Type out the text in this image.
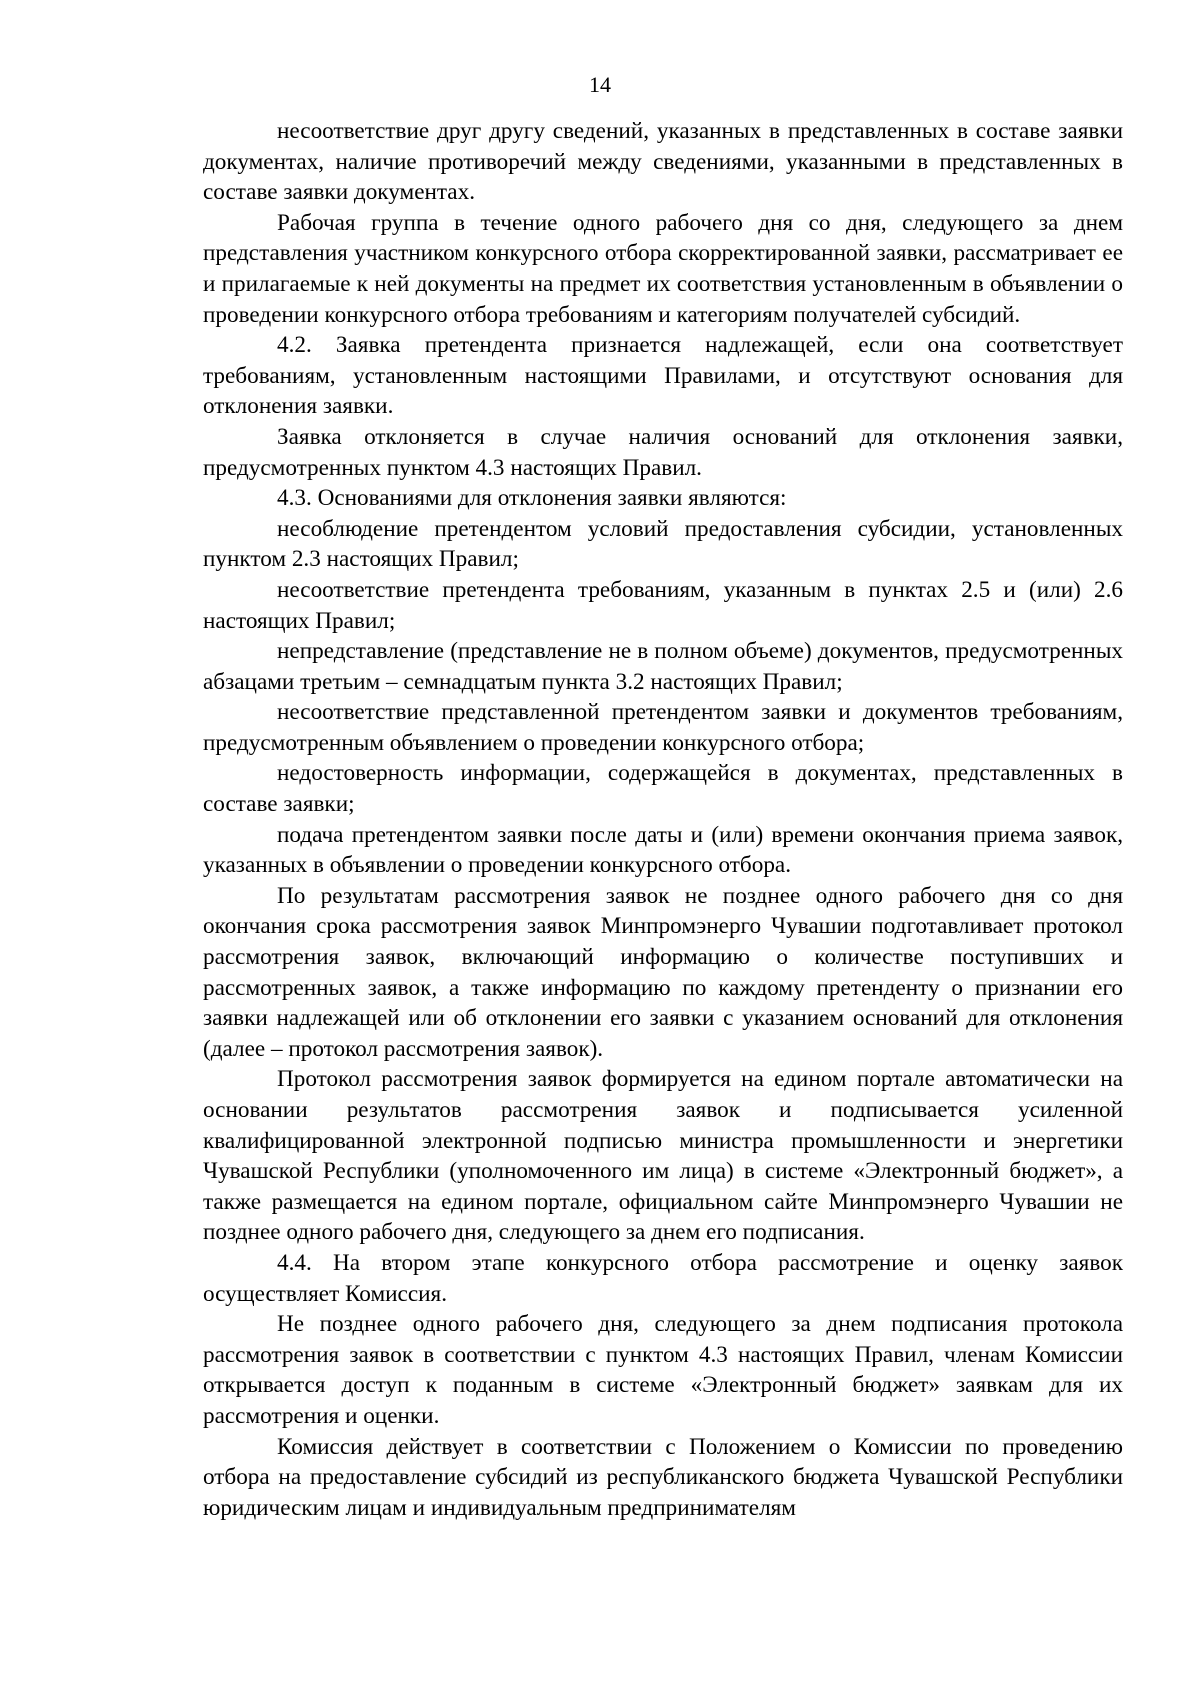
14

несоответствие друг другу сведений, указанных в представленных в составе заявки документах, наличие противоречий между сведениями, указанными в представленных в составе заявки документах.

Рабочая группа в течение одного рабочего дня со дня, следующего за днем представления участником конкурсного отбора скорректированной заявки, рассматривает ее и прилагаемые к ней документы на предмет их соответствия установленным в объявлении о проведении конкурсного отбора требованиям и категориям получателей субсидий.

4.2. Заявка претендента признается надлежащей, если она соответствует требованиям, установленным настоящими Правилами, и отсутствуют основания для отклонения заявки.

Заявка отклоняется в случае наличия оснований для отклонения заявки, предусмотренных пунктом 4.3 настоящих Правил.

4.3. Основаниями для отклонения заявки являются:

несоблюдение претендентом условий предоставления субсидии, установленных пунктом 2.3 настоящих Правил;

несоответствие претендента требованиям, указанным в пунктах 2.5 и (или) 2.6 настоящих Правил;

непредставление (представление не в полном объеме) документов, предусмотренных абзацами третьим – семнадцатым пункта 3.2 настоящих Правил;

несоответствие представленной претендентом заявки и документов требованиям, предусмотренным объявлением о проведении конкурсного отбора;

недостоверность информации, содержащейся в документах, представленных в составе заявки;

подача претендентом заявки после даты и (или) времени окончания приема заявок, указанных в объявлении о проведении конкурсного отбора.

По результатам рассмотрения заявок не позднее одного рабочего дня со дня окончания срока рассмотрения заявок Минпромэнерго Чувашии подготавливает протокол рассмотрения заявок, включающий информацию о количестве поступивших и рассмотренных заявок, а также информацию по каждому претенденту о признании его заявки надлежащей или об отклонении его заявки с указанием оснований для отклонения (далее – протокол рассмотрения заявок).

Протокол рассмотрения заявок формируется на едином портале автоматически на основании результатов рассмотрения заявок и подписывается усиленной квалифицированной электронной подписью министра промышленности и энергетики Чувашской Республики (уполномоченного им лица) в системе «Электронный бюджет», а также размещается на едином портале, официальном сайте Минпромэнерго Чувашии не позднее одного рабочего дня, следующего за днем его подписания.

4.4. На втором этапе конкурсного отбора рассмотрение и оценку заявок осуществляет Комиссия.

Не позднее одного рабочего дня, следующего за днем подписания протокола рассмотрения заявок в соответствии с пунктом 4.3 настоящих Правил, членам Комиссии открывается доступ к поданным в системе «Электронный бюджет» заявкам для их рассмотрения и оценки.

Комиссия действует в соответствии с Положением о Комиссии по проведению отбора на предоставление субсидий из республиканского бюджета Чувашской Республики юридическим лицам и индивидуальным предпринимателям
